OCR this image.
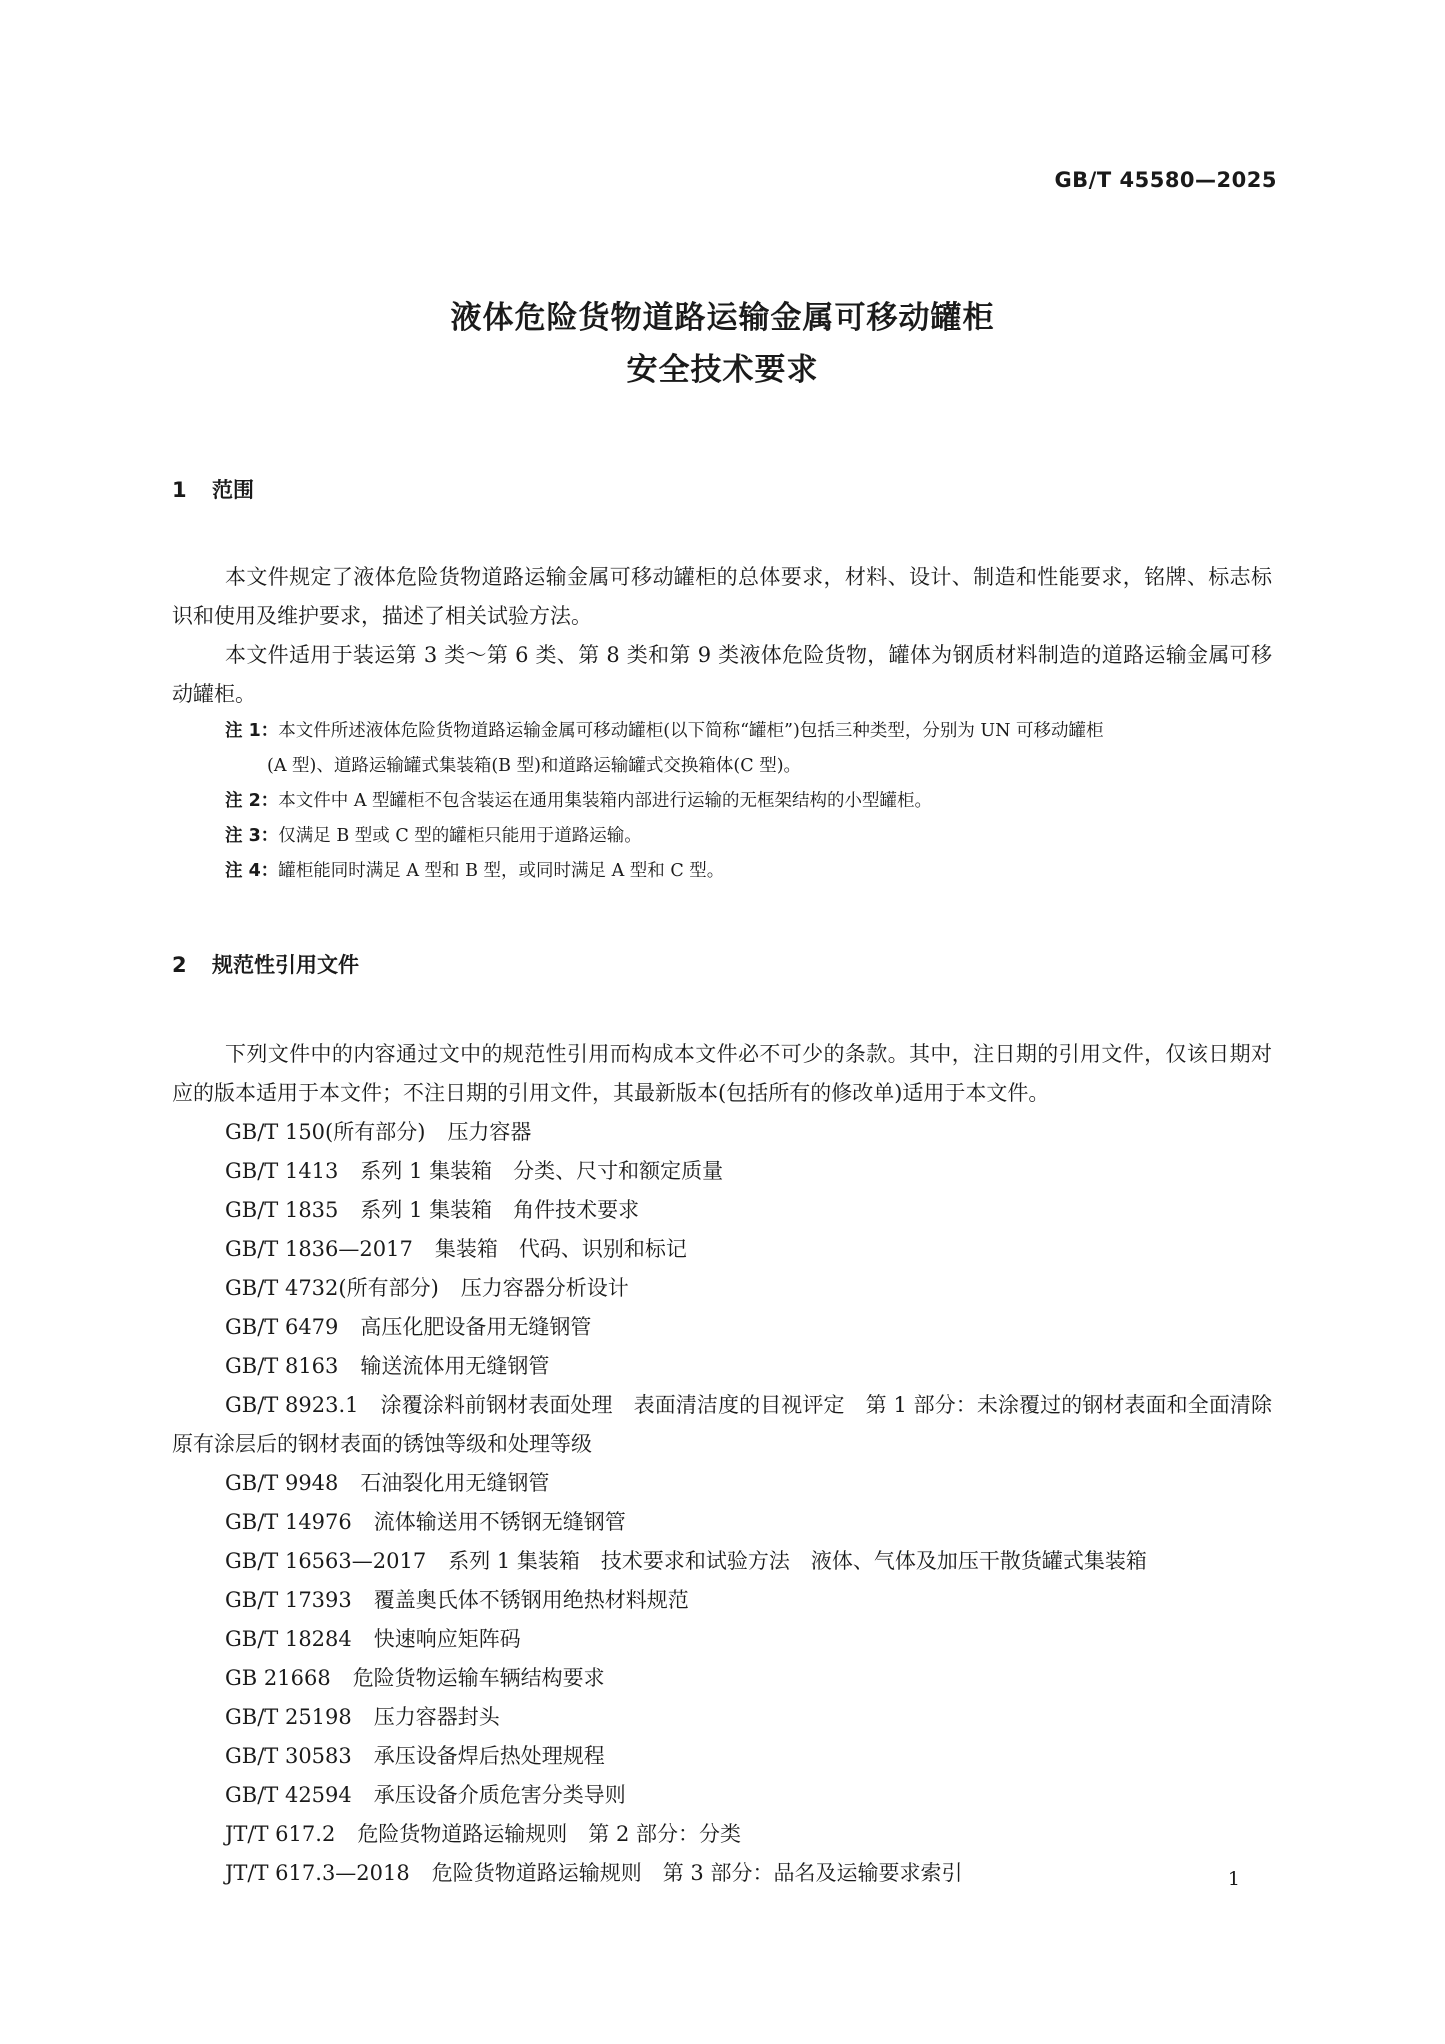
GB/T 45580—2025
液体危险货物道路运输金属可移动罐柜
安全技术要求
1 范围
本文件规定了液体危险货物道路运输金属可移动罐柜的总体要求，材料、设计、制造和性能要求，铭牌、标志标识和使用及维护要求，描述了相关试验方法。
本文件适用于装运第 3 类～第 6 类、第 8 类和第 9 类液体危险货物，罐体为钢质材料制造的道路运输金属可移动罐柜。
注 1：本文件所述液体危险货物道路运输金属可移动罐柜(以下简称“罐柜”)包括三种类型，分别为 UN 可移动罐柜
(A 型)、道路运输罐式集装箱(B 型)和道路运输罐式交换箱体(C 型)。
注 2：本文件中 A 型罐柜不包含装运在通用集装箱内部进行运输的无框架结构的小型罐柜。
注 3：仅满足 B 型或 C 型的罐柜只能用于道路运输。
注 4：罐柜能同时满足 A 型和 B 型，或同时满足 A 型和 C 型。
2 规范性引用文件
下列文件中的内容通过文中的规范性引用而构成本文件必不可少的条款。其中，注日期的引用文件，仅该日期对应的版本适用于本文件；不注日期的引用文件，其最新版本(包括所有的修改单)适用于本文件。
GB/T 150(所有部分) 压力容器
GB/T 1413 系列 1 集装箱　分类、尺寸和额定质量
GB/T 1835 系列 1 集装箱　角件技术要求
GB/T 1836—2017 集装箱　代码、识别和标记
GB/T 4732(所有部分) 压力容器分析设计
GB/T 6479 高压化肥设备用无缝钢管
GB/T 8163 输送流体用无缝钢管
GB/T 8923.1 涂覆涂料前钢材表面处理　表面清洁度的目视评定　第 1 部分：未涂覆过的钢材表面和全面清除原有涂层后的钢材表面的锈蚀等级和处理等级
GB/T 9948 石油裂化用无缝钢管
GB/T 14976 流体输送用不锈钢无缝钢管
GB/T 16563—2017 系列 1 集装箱　技术要求和试验方法　液体、气体及加压干散货罐式集装箱
GB/T 17393 覆盖奥氏体不锈钢用绝热材料规范
GB/T 18284 快速响应矩阵码
GB 21668 危险货物运输车辆结构要求
GB/T 25198 压力容器封头
GB/T 30583 承压设备焊后热处理规程
GB/T 42594 承压设备介质危害分类导则
JT/T 617.2 危险货物道路运输规则　第 2 部分：分类
JT/T 617.3—2018 危险货物道路运输规则　第 3 部分：品名及运输要求索引	1
